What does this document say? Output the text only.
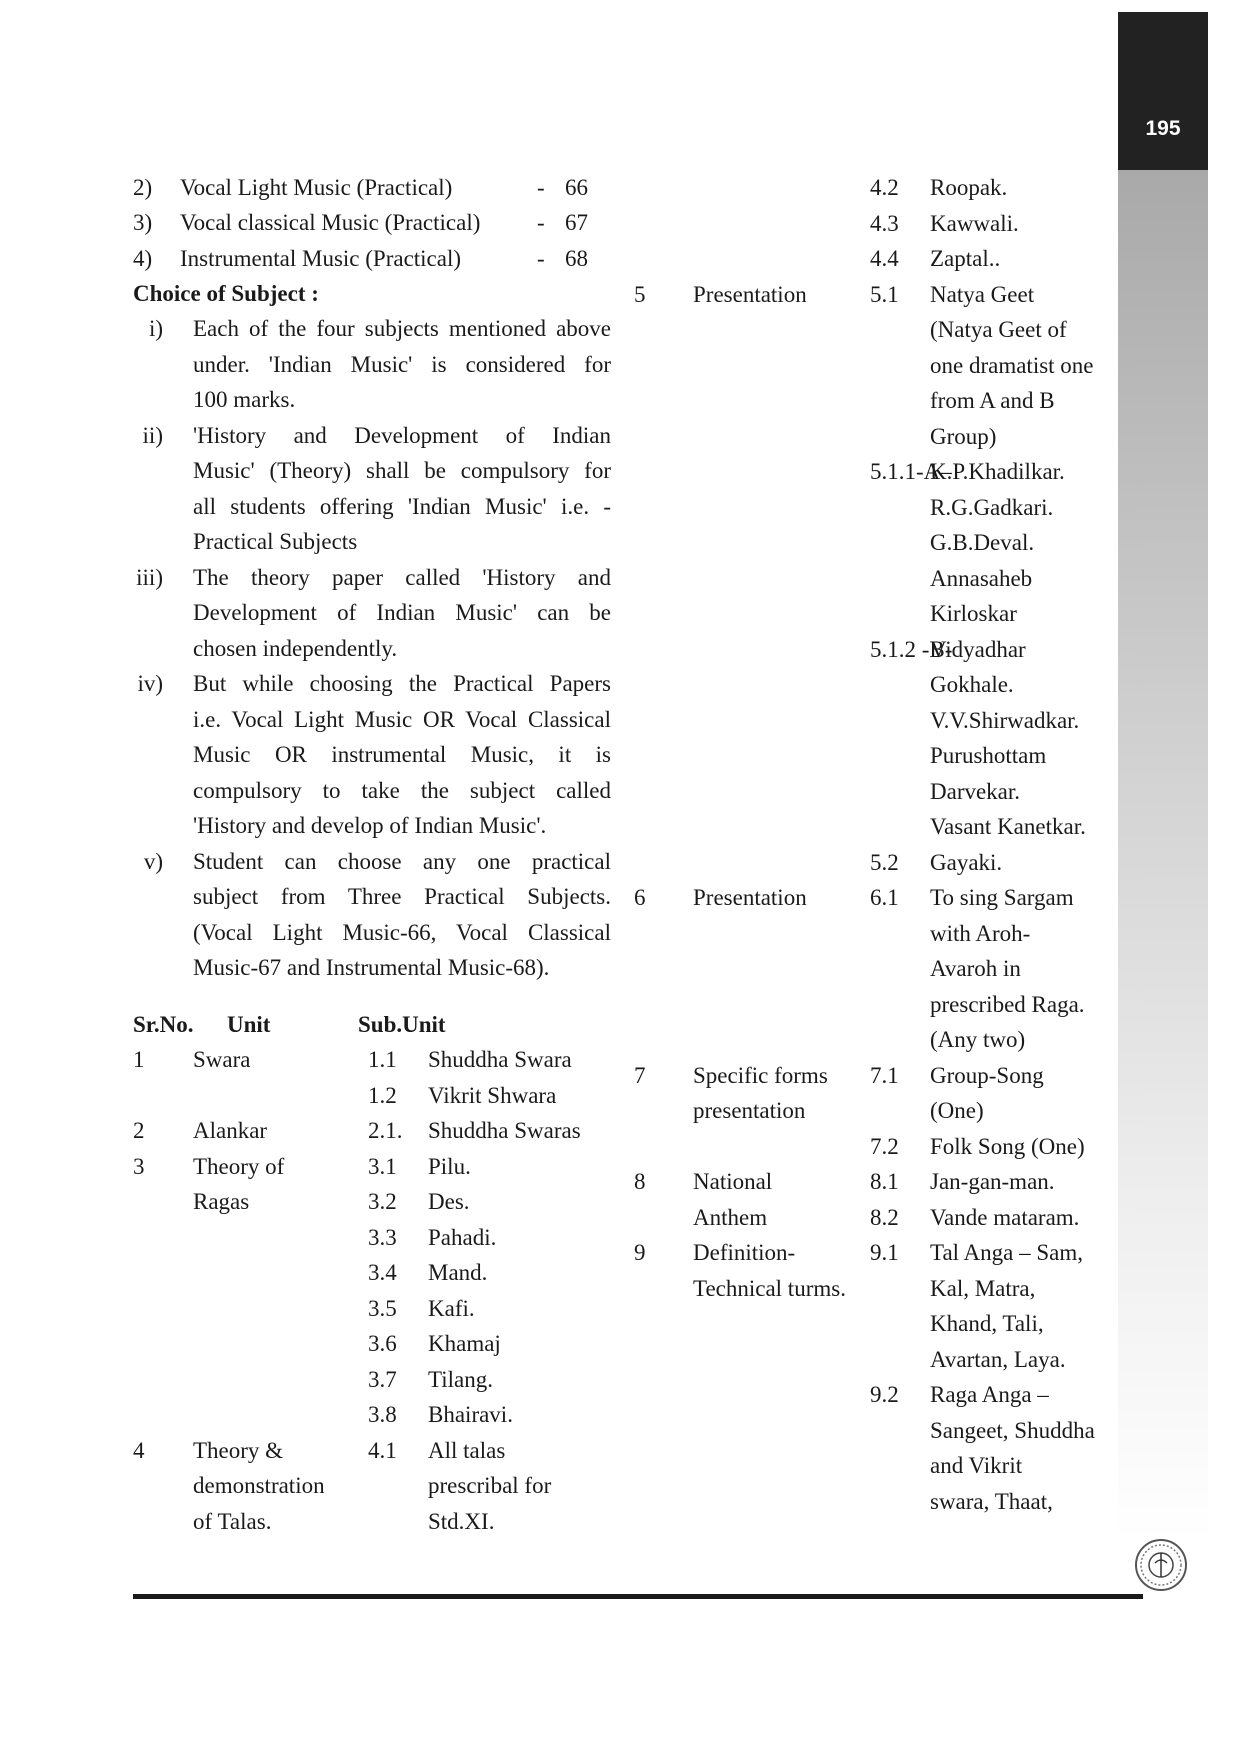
195
2) Vocal Light Music (Practical)	- 66
3) Vocal classical Music (Practical) - 67
4) Instrumental Music (Practical)	- 68
Choice of Subject :
i) Each of the four subjects mentioned above
under. 'Indian Music' is considered for
100 marks.
ii) 'History and Development of Indian
Music' (Theory) shall be compulsory for
all students offering 'Indian Music' i.e. -
Practical Subjects
iii) The theory paper called 'History and
Development of Indian Music' can be
chosen independently.
iv) But while choosing the Practical Papers
i.e. Vocal Light Music OR Vocal Classical
Music OR instrumental Music, it is
compulsory to take the subject called
'History and develop of Indian Music'.
v) Student can choose any one practical
subject from Three Practical Subjects.
(Vocal Light Music-66, Vocal Classical
Music-67 and Instrumental Music-68).
Sr.No. Unit	Sub.Unit
1 Swara	1.1 Shuddha Swara
1.2 Vikrit Shwara
2 Alankar	2.1. Shuddha Swaras
3 Theory of	3.1 Pilu.
Ragas	3.2 Des.
3.3 Pahadi.
3.4 Mand.
3.5 Kafi.
3.6 Khamaj
3.7 Tilang.
3.8 Bhairavi.
4 Theory &	4.1 All talas
demonstration	prescribal for
of Talas.	Std.XI.
4.2 Roopak.
4.3 Kawwali.
4.4 Zaptal..
5 Presentation	5.1 Natya Geet
(Natya Geet of
one dramatist one
from A and B
Group)
5.1.1-A–
K.P.Khadilkar.
R.G.Gadkari.
G.B.Deval.
Annasaheb
Kirloskar
5.1.2 -B-
Vidyadhar
Gokhale.
V.V.Shirwadkar.
Purushottam
Darvekar.
Vasant Kanetkar.
5.2 Gayaki.
6 Presentation	6.1 To sing Sargam
with Aroh-
Avaroh in
prescribed Raga.
(Any two)
7 Specific forms 7.1 Group-Song
presentation	(One)
7.2 Folk Song (One)
8 National	8.1 Jan-gan-man.
Anthem	8.2 Vande mataram.
9 Definition-	9.1 Tal Anga – Sam,
Technical turms.	Kal, Matra,
Khand, Tali,
Avartan, Laya.
9.2 Raga Anga –
Sangeet, Shuddha
and Vikrit
swara, Thaat,
